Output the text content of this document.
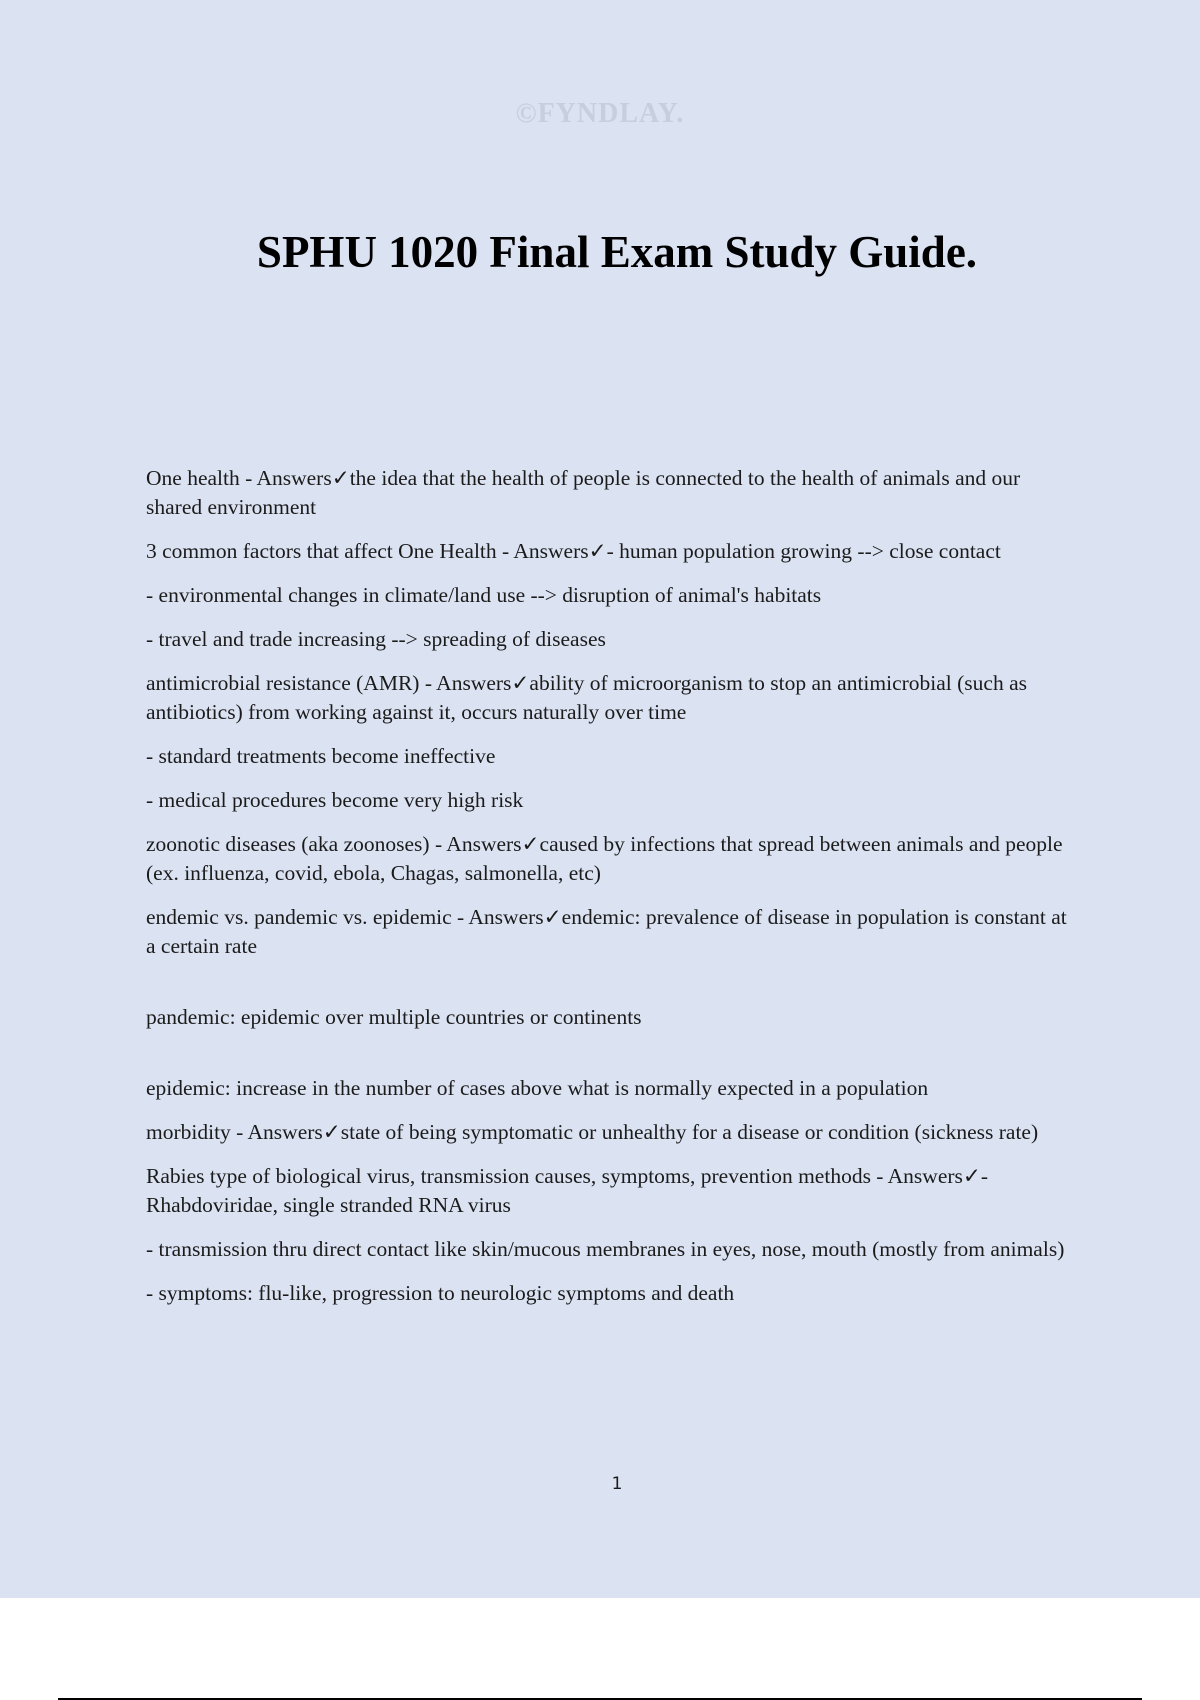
©FYNDLAY.
SPHU 1020 Final Exam Study Guide.

One health - Answers✓the idea that the health of people is connected to the health of animals and our shared environment

3 common factors that affect One Health - Answers✓- human population growing --> close contact

- environmental changes in climate/land use --> disruption of animal's habitats

- travel and trade increasing --> spreading of diseases

antimicrobial resistance (AMR) - Answers✓ability of microorganism to stop an antimicrobial (such as antibiotics) from working against it, occurs naturally over time

- standard treatments become ineffective

- medical procedures become very high risk

zoonotic diseases (aka zoonoses) - Answers✓caused by infections that spread between animals and people (ex. influenza, covid, ebola, Chagas, salmonella, etc)

endemic vs. pandemic vs. epidemic - Answers✓endemic: prevalence of disease in population is constant at a certain rate

pandemic: epidemic over multiple countries or continents

epidemic: increase in the number of cases above what is normally expected in a population

morbidity - Answers✓state of being symptomatic or unhealthy for a disease or condition (sickness rate)

Rabies type of biological virus, transmission causes, symptoms, prevention methods - Answers✓- Rhabdoviridae, single stranded RNA virus

- transmission thru direct contact like skin/mucous membranes in eyes, nose, mouth (mostly from animals)

- symptoms: flu-like, progression to neurologic symptoms and death

1
